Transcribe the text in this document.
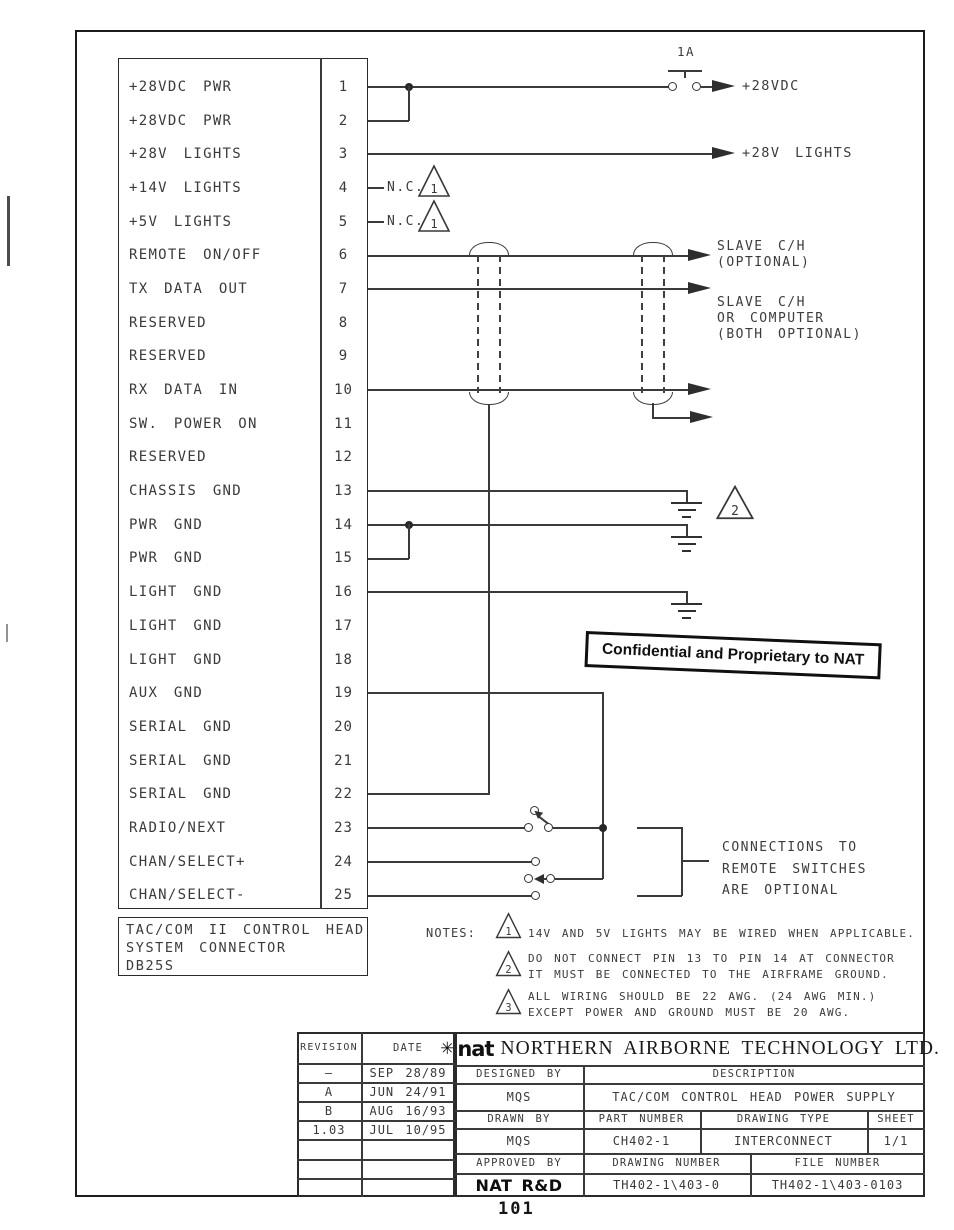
+28VDC PWR	1
+28VDC PWR	2
+28V LIGHTS	3
+14V LIGHTS	4
+5V LIGHTS	5
REMOTE ON/OFF	6
TX DATA OUT	7
RESERVED	8
RESERVED	9
RX DATA IN	10
SW. POWER ON	11
RESERVED	12
CHASSIS GND	13
PWR GND	14
PWR GND	15
LIGHT GND	16
LIGHT GND	17
LIGHT GND	18
AUX GND	19
SERIAL GND	20
SERIAL GND	21
SERIAL GND	22
RADIO/NEXT	23
CHAN/SELECT+	24
CHAN/SELECT-	25
TAC/COM II CONTROL HEAD
SYSTEM CONNECTOR
DB25S
1A
+28VDC
+28V LIGHTS
N.C. 1
N.C. 1
SLAVE C/H
(OPTIONAL)
SLAVE C/H
OR COMPUTER
(BOTH OPTIONAL)
2
CONNECTIONS TO
REMOTE SWITCHES
ARE OPTIONAL
Confidential and Proprietary to NAT
NOTES: 1 14V AND 5V LIGHTS MAY BE WIRED WHEN APPLICABLE.
2
DO NOT CONNECT PIN 13 TO PIN 14 AT CONNECTOR
IT MUST BE CONNECTED TO THE AIRFRAME GROUND.
3
ALL WIRING SHOULD BE 22 AWG. (24 AWG MIN.)
EXCEPT POWER AND GROUND MUST BE 20 AWG.
REVISION	DATE
–	SEP 28/89
A	JUN 24/91
B	AUG 16/93
1.03	JUL 10/95
✳ nat NORTHERN AIRBORNE TECHNOLOGY LTD.
DESIGNED BY	DESCRIPTION
MQS	TAC/COM CONTROL HEAD POWER SUPPLY
DRAWN BY	PART NUMBER	DRAWING TYPE	SHEET
MQS	CH402-1	INTERCONNECT	1/1
APPROVED BY	DRAWING NUMBER	FILE NUMBER
NAT R&D	TH402-1\403-0	TH402-1\403-0103
101
